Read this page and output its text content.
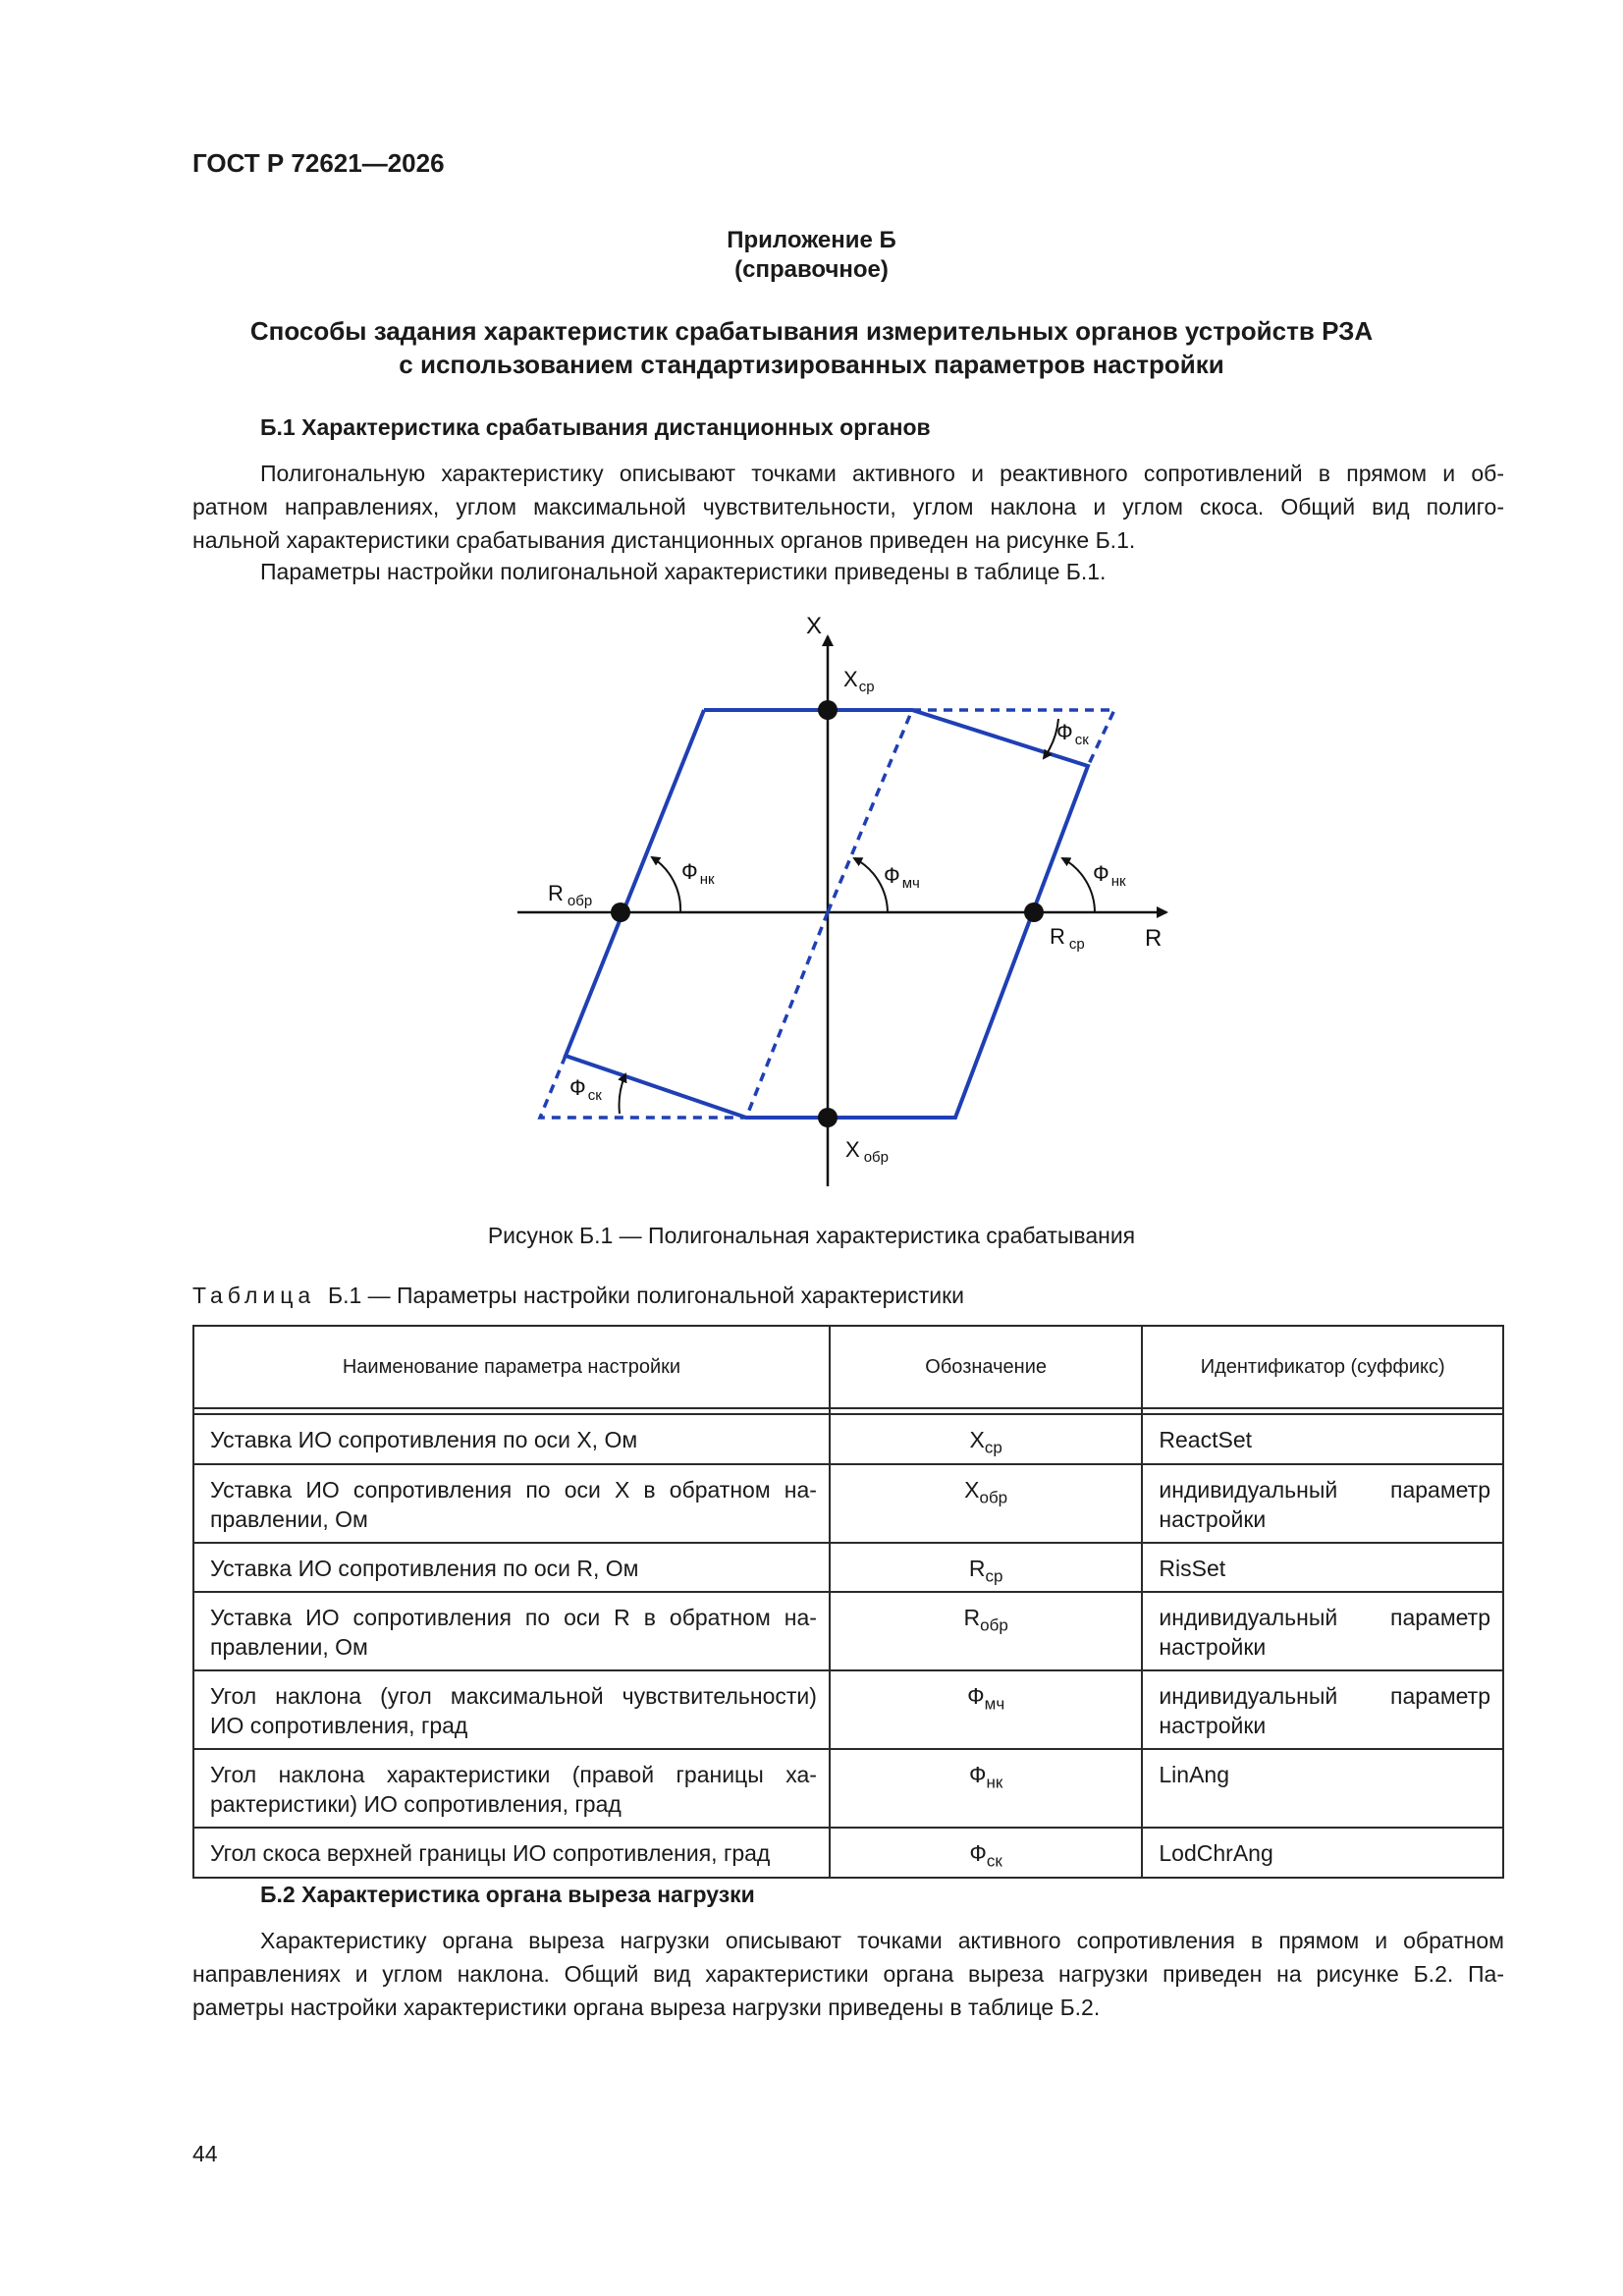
ГОСТ Р 72621—2026
Приложение Б
(справочное)
Способы задания характеристик срабатывания измерительных органов устройств РЗА
с использованием стандартизированных параметров настройки
Б.1 Характеристика срабатывания дистанционных органов
Полигональную характеристику описывают точками активного и реактивного сопротивлений в прямом и об-
ратном направлениях, углом максимальной чувствительности, углом наклона и углом скоса. Общий вид полиго-
нальной характеристики срабатывания дистанционных органов приведен на рисунке Б.1.
Параметры настройки полигональной характеристики приведены в таблице Б.1.
X
R
$X_{ср}$
X $_{обр}$
R $_{ср}$
R $_{обр}$
Ф $_{нк}$	Ф $_{мч}$	Ф $_{нк}$
Ф $_{ск}$
Ф $_{ск}$
Рисунок Б.1 — Полигональная характеристика срабатывания
Таблица Б.1 — Параметры настройки полигональной характеристики
Наименование параметра настройки	Обозначение	Идентификатор (суффикс)

Уставка ИО сопротивления по оси X, Ом	$X_{ср}$	ReactSet

Уставка ИО сопротивления по оси X в обратном на-
правлении, Ом	$X_{обр}$	индивидуальный параметр
настройки
Уставка ИО сопротивления по оси R, Ом	$R_{ср}$	RisSet

Уставка ИО сопротивления по оси R в обратном на-
правлении, Ом	$R_{обр}$	индивидуальный параметр
настройки

Угол наклона (угол максимальной чувствительности)
ИО сопротивления, град	$Ф_{мч}$	индивидуальный параметр
настройки

Угол наклона характеристики (правой границы ха-
рактеристики) ИО сопротивления, град	$Ф_{нк}$	LinAng
Угол скоса верхней границы ИО сопротивления, град	$Ф_{ск}$	LodChrAng
Б.2 Характеристика органа выреза нагрузки
Характеристику органа выреза нагрузки описывают точками активного сопротивления в прямом и обратном
направлениях и углом наклона. Общий вид характеристики органа выреза нагрузки приведен на рисунке Б.2. Па-
раметры настройки характеристики органа выреза нагрузки приведены в таблице Б.2.
44
